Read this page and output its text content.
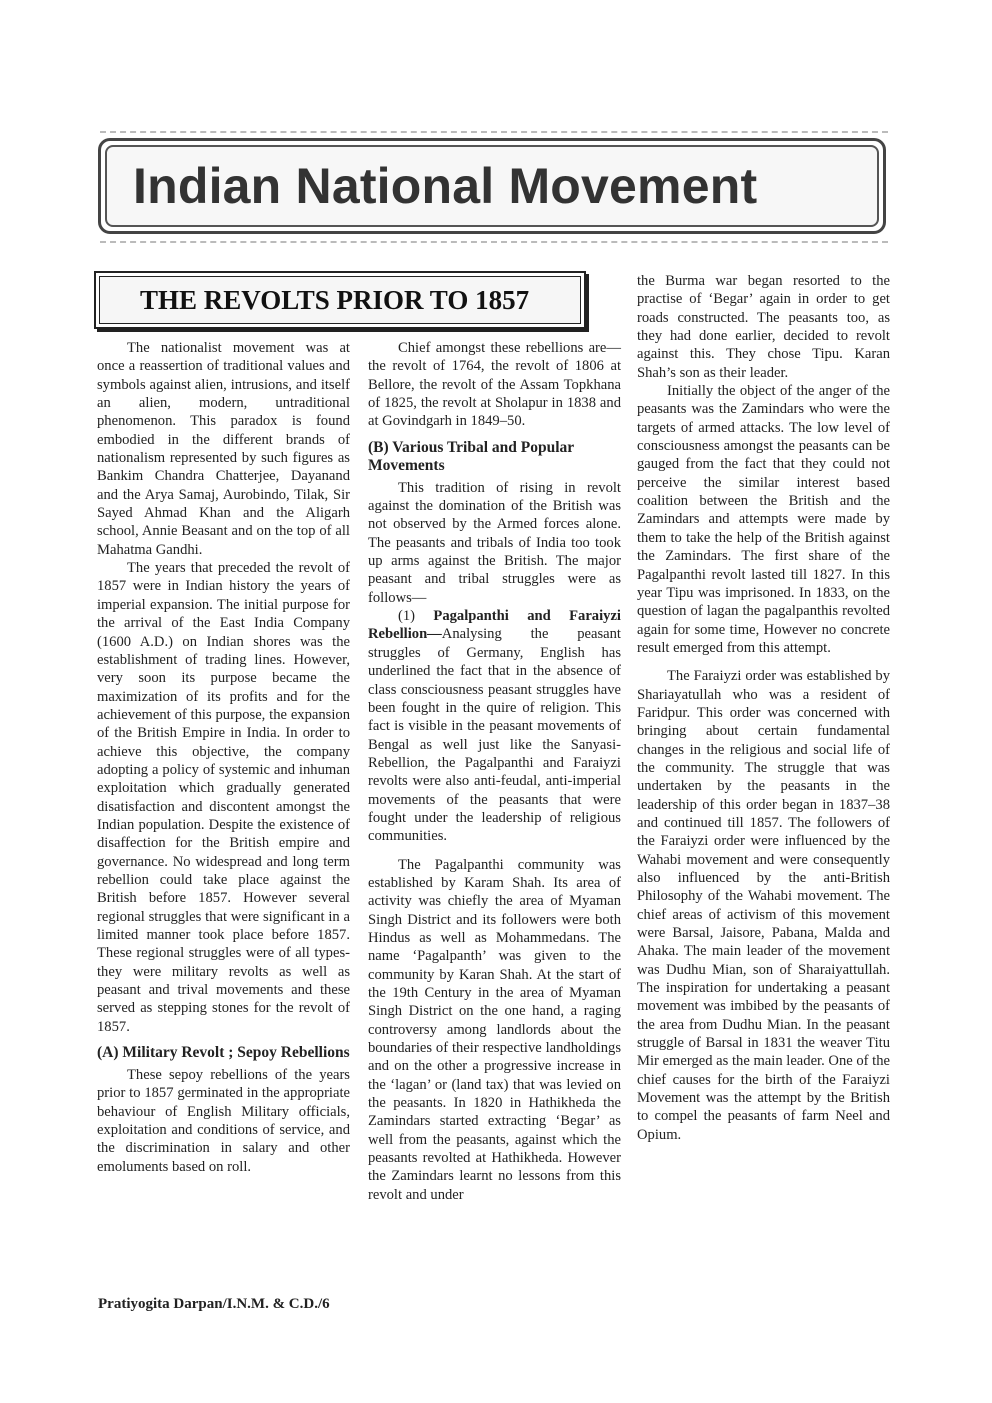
Indian National Movement
THE REVOLTS PRIOR TO 1857

The nationalist movement was at once a reassertion of traditional values and symbols against alien, intrusions, and itself an alien, modern, untraditional phenomenon. This paradox is found embodied in the different brands of nationalism represented by such figures as Bankim Chandra Chatterjee, Dayanand and the Arya Samaj, Aurobindo, Tilak, Sir Sayed Ahmad Khan and the Aligarh school, Annie Beasant and on the top of all Mahatma Gandhi.

The years that preceded the revolt of 1857 were in Indian history the years of imperial expansion. The initial purpose for the arrival of the East India Company (1600 A.D.) on Indian shores was the establishment of trading lines. However, very soon its purpose became the maximization of its profits and for the achievement of this purpose, the expansion of the British Empire in India. In order to achieve this objective, the company adopting a policy of systemic and inhuman exploitation which gradually generated disatisfaction and discontent amongst the Indian population. Despite the existence of disaffection for the British empire and governance. No widespread and long term rebellion could take place against the British before 1857. However several regional struggles that were significant in a limited manner took place before 1857. These regional struggles were of all types- they were military revolts as well as peasant and trival movements and these served as stepping stones for the revolt of 1857.

(A) Military Revolt ; Sepoy Rebellions

These sepoy rebellions of the years prior to 1857 germinated in the appropriate behaviour of English Military officials, exploitation and conditions of service, and the discrimination in salary and other emoluments based on roll.

Chief amongst these rebellions are—the revolt of 1764, the revolt of 1806 at Bellore, the revolt of the Assam Topkhana of 1825, the revolt at Sholapur in 1838 and at Govindgarh in 1849–50.

(B) Various Tribal and Popular Movements

This tradition of rising in revolt against the domination of the British was not observed by the Armed forces alone. The peasants and tribals of India too took up arms against the British. The major peasant and tribal struggles were as follows—

(1) Pagalpanthi and Faraiyzi Rebellion—Analysing the peasant struggles of Germany, English has underlined the fact that in the absence of class consciousness peasant struggles have been fought in the quire of religion. This fact is visible in the peasant movements of Bengal as well just like the Sanyasi-Rebellion, the Pagalpanthi and Faraiyzi revolts were also anti-feudal, anti-imperial movements of the peasants that were fought under the leadership of religious communities.

The Pagalpanthi community was established by Karam Shah. Its area of activity was chiefly the area of Myaman Singh District and its followers were both Hindus as well as Mohammedans. The name ‘Pagalpanth’ was given to the community by Karan Shah. At the start of the 19th Century in the area of Myaman Singh District on the one hand, a raging controversy among landlords about the boundaries of their respective landholdings and on the other a progressive increase in the ‘lagan’ or (land tax) that was levied on the peasants. In 1820 in Hathikheda the Zamindars started extracting ‘Begar’ as well from the peasants, against which the peasants revolted at Hathikheda. However the Zamindars learnt no lessons from this revolt and under

the Burma war began resorted to the practise of ‘Begar’ again in order to get roads constructed. The peasants too, as they had done earlier, decided to revolt against this. They chose Tipu. Karan Shah’s son as their leader.

Initially the object of the anger of the peasants was the Zamindars who were the targets of armed attacks. The low level of consciousness amongst the peasants can be gauged from the fact that they could not perceive the similar interest based coalition between the British and the Zamindars and attempts were made by them to take the help of the British against the Zamindars. The first share of the Pagalpanthi revolt lasted till 1827. In this year Tipu was imprisoned. In 1833, on the question of lagan the pagalpanthis revolted again for some time, However no concrete result emerged from this attempt.

The Faraiyzi order was established by Shariayatullah who was a resident of Faridpur. This order was concerned with bringing about certain fundamental changes in the religious and social life of the community. The struggle that was undertaken by the peasants in the leadership of this order began in 1837–38 and continued till 1857. The followers of the Faraiyzi order were influenced by the Wahabi movement and were consequently also influenced by the anti-British Philosophy of the Wahabi movement. The chief areas of activism of this movement were Barsal, Jaisore, Pabana, Malda and Ahaka. The main leader of the movement was Dudhu Mian, son of Sharaiyattullah. The inspiration for undertaking a peasant movement was imbibed by the peasants of the area from Dudhu Mian. In the peasant struggle of Barsal in 1831 the weaver Titu Mir emerged as the main leader. One of the chief causes for the birth of the Faraiyzi Movement was the attempt by the British to compel the peasants of farm Neel and Opium.

Pratiyogita Darpan/I.N.M. & C.D./6
